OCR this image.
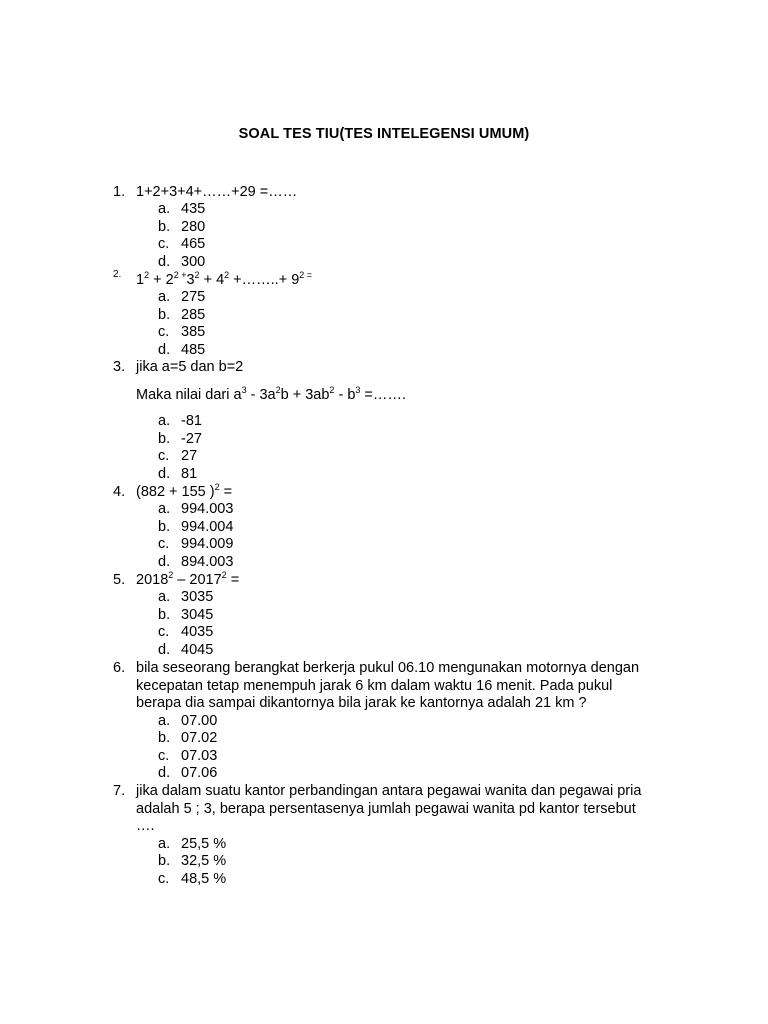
SOAL TES TIU(TES INTELEGENSI UMUM)
1. 1+2+3+4+……+29 =……
a. 435
b. 280
c. 465
d. 300
2. $1^2 + 2^{2 +}3^2 + 4^2$ +……..+ $9^{2 =}$
a. 275
b. 285
c. 385
d. 485
3. jika a=5 dan b=2
Maka nilai dari $a^3 - 3a^2b + 3ab^2 - b^3$ =…….
a. -81
b. -27
c. 27
d. 81
4. (882 + 155 )$^2$ =
a. 994.003
b. 994.004
c. 994.009
d. 894.003
5. $2018^2 - 2017^2$ =
a. 3035
b. 3045
c. 4035
d. 4045
6. bila seseorang berangkat berkerja pukul 06.10 mengunakan motornya dengan
kecepatan tetap menempuh jarak 6 km dalam waktu 16 menit. Pada pukul
berapa dia sampai dikantornya bila jarak ke kantornya adalah 21 km ?
a. 07.00
b. 07.02
c. 07.03
d. 07.06
7. jika dalam suatu kantor perbandingan antara pegawai wanita dan pegawai pria
adalah 5 ; 3, berapa persentasenya jumlah pegawai wanita pd kantor tersebut
….
a. 25,5 %
b. 32,5 %
c. 48,5 %
